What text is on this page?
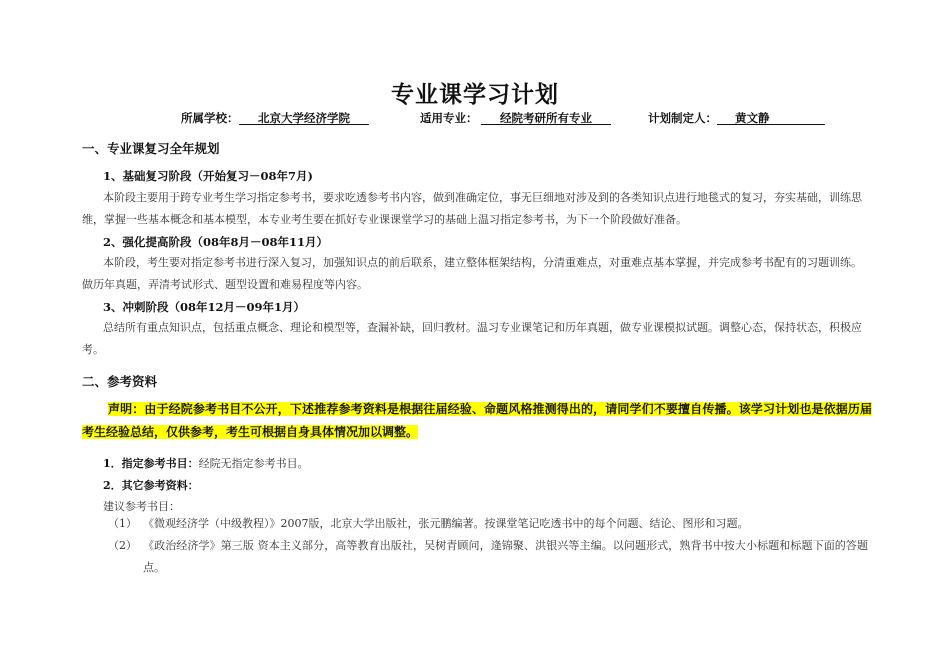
专业课学习计划
所属学校：	北京大学经济学院	适用专业：	经院考研所有专业	计划制定人：	黄文静
一、专业课复习全年规划
1、基础复习阶段（开始复习－08年7月)
本阶段主要用于跨专业考生学习指定参考书，要求吃透参考书内容，做到准确定位，事无巨细地对涉及到的各类知识点进行地毯式的复习，夯实基础，训练思维，掌握一些基本概念和基本模型，本专业考生要在抓好专业课课堂学习的基础上温习指定参考书，为下一个阶段做好准备。
2、强化提高阶段（08年8月－08年11月）
本阶段，考生要对指定参考书进行深入复习，加强知识点的前后联系，建立整体框架结构，分清重难点，对重难点基本掌握，并完成参考书配有的习题训练。做历年真题，弄清考试形式、题型设置和难易程度等内容。
3、冲刺阶段（08年12月－09年1月）
总结所有重点知识点，包括重点概念、理论和模型等，查漏补缺，回归教材。温习专业课笔记和历年真题，做专业课模拟试题。调整心态，保持状态，积极应考。
二、参考资料
声明：由于经院参考书目不公开，下述推荐参考资料是根据往届经验、命题风格推测得出的，请同学们不要擅自传播。该学习计划也是依据历届考生经验总结，仅供参考，考生可根据自身具体情况加以调整。
1．指定参考书目：经院无指定参考书目。
2．其它参考资料：
建议参考书目：
（1） 《微观经济学（中级教程）》2007版，北京大学出版社，张元鹏编著。按课堂笔记吃透书中的每个问题、结论、图形和习题。
（2） 《政治经济学》第三版 资本主义部分，高等教育出版社，吴树青顾问，逄锦聚、洪银兴等主编。以问题形式，熟背书中按大小标题和标题下面的答题点。
